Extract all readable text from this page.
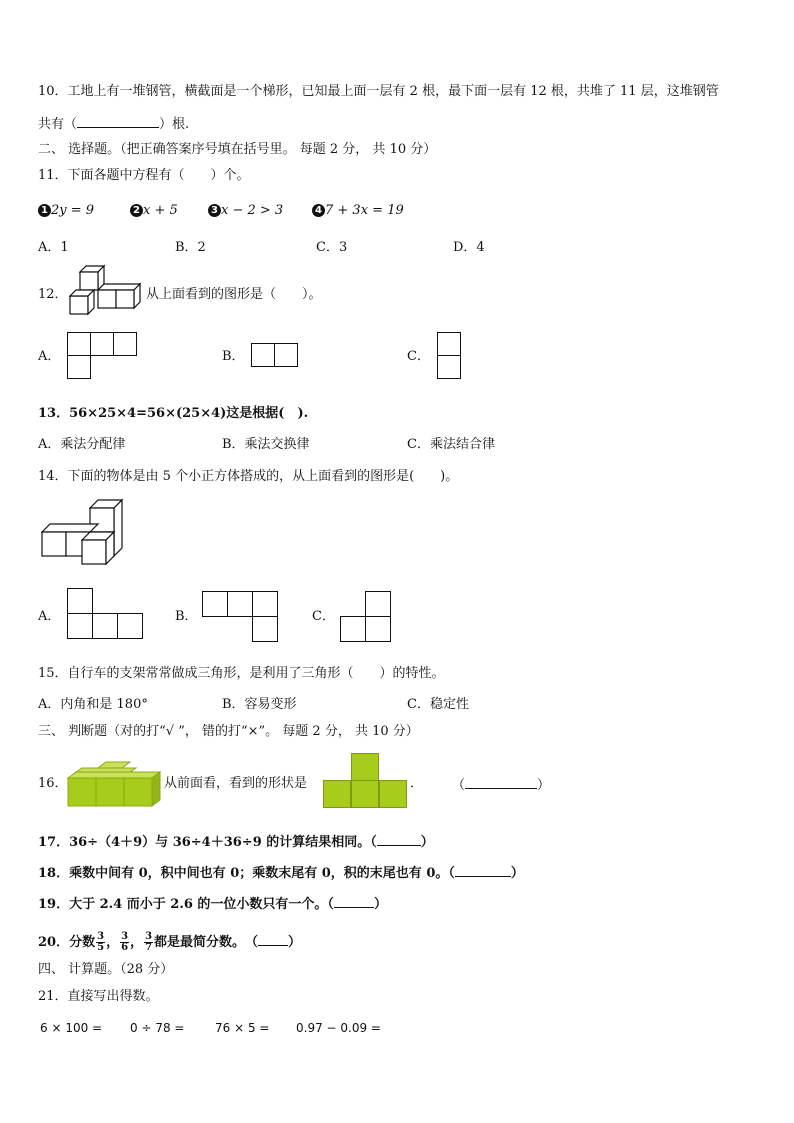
10．工地上有一堆钢管，横截面是一个梯形，已知最上面一层有 2 根，最下面一层有 12 根，共堆了 11 层，这堆钢管
共有（	）根.
二、 选择题。（把正确答案序号填在括号里。 每题 2 分， 共 10 分）
11．下面各题中方程有（　　）个。
1 2y = 9	2 x + 5	3 x − 2 > 3	4 7 + 3x = 19
A．1	B．2	C．3	D．4
12．	从上面看到的图形是（　　）。
A．	B．	C．
13．56×25×4=56×(25×4)这是根据(　).
A．乘法分配律	B．乘法交换律	C．乘法结合律
14．下面的物体是由 5 个小正方体搭成的，从上面看到的图形是(　　)。
A．	B．	C．
15．自行车的支架常常做成三角形，是利用了三角形（　　）的特性。
A．内角和是 180°	B．容易变形	C．稳定性
三、 判断题（对的打“√ ”， 错的打“×”。 每题 2 分， 共 10 分）
16．	从前面看，看到的形状是	． （	）
17．36÷（4＋9）与 36÷4＋36÷9 的计算结果相同。（	）
18．乘数中间有 0，积中间也有 0；乘数末尾有 0，积的末尾也有 0。（	）
19．大于 2.4 而小于 2.6 的一位小数只有一个。（	）
20．分数 $\frac{3}{5}$ ， $\frac{3}{6}$ ， $\frac{3}{7}$ 都是最简分数。　（ ）
四、 计算题。（28 分）
21．直接写出得数。
6 × 100 = 0 ÷ 78 =	76 × 5 = 0.97 − 0.09 =
